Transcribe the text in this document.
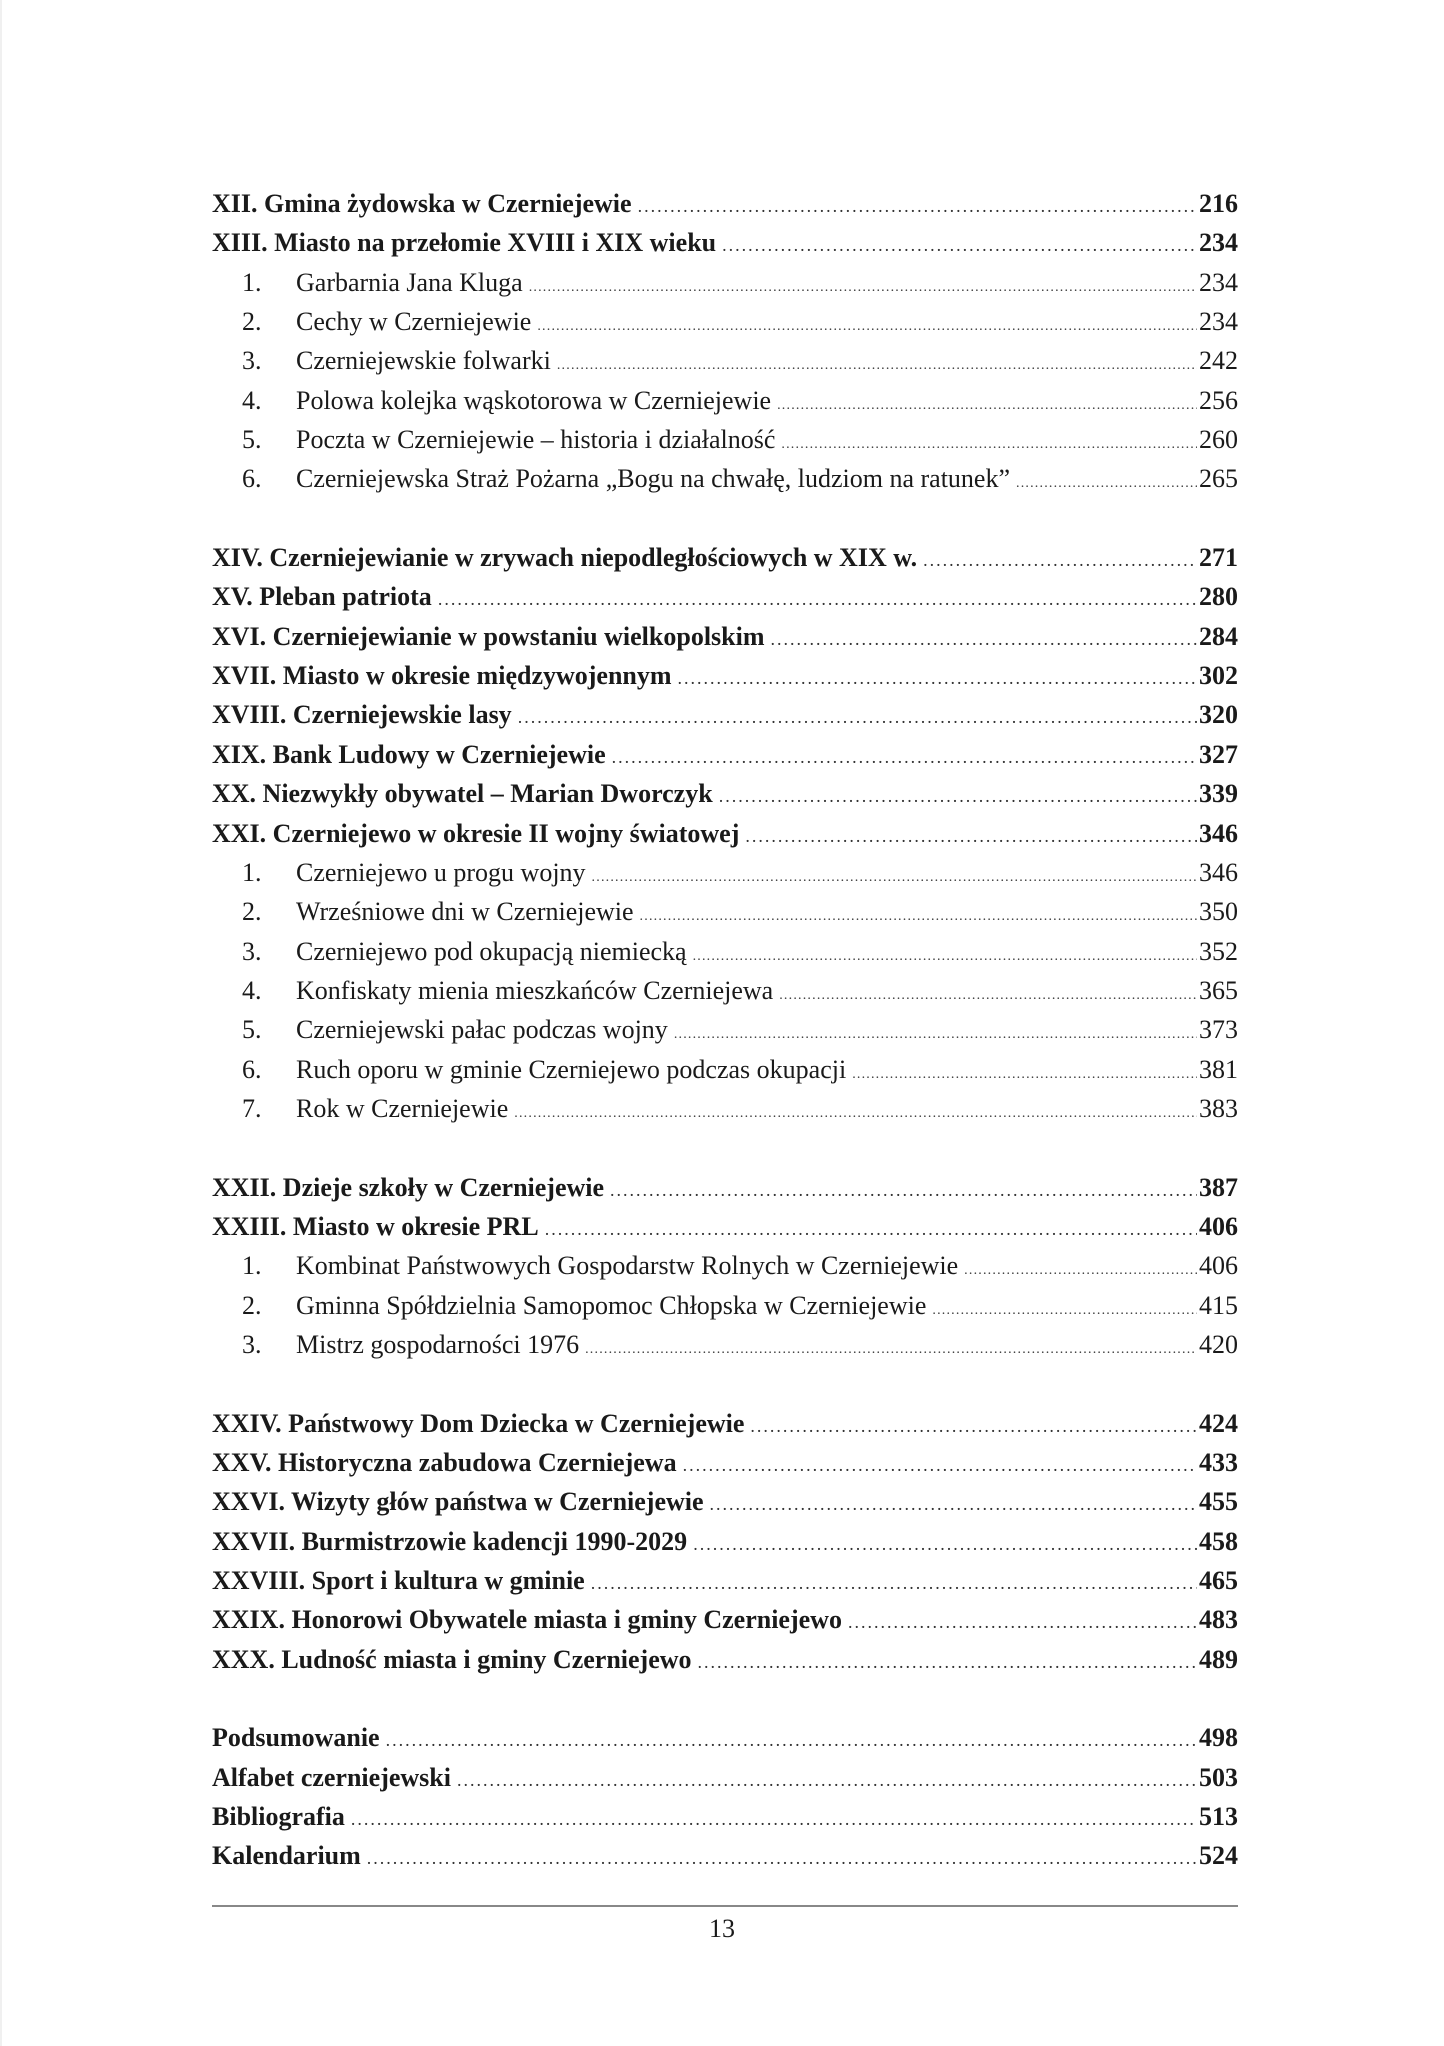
XII. Gmina żydowska w Czerniejewie .....	216
XIII. Miasto na przełomie XVIII i XIX wieku .....	234
1.	Garbarnia Jana Kluga .....	234
2.	Cechy w Czerniejewie .....	234
3.	Czerniejewskie folwarki .....	242
4.	Polowa kolejka wąskotorowa w Czerniejewie .....	256
5.	Poczta w Czerniejewie – historia i działalność .....	260
6.	Czerniejewska Straż Pożarna „Bogu na chwałę, ludziom na ratunek” .....	265
XIV. Czerniejewianie w zrywach niepodległościowych w XIX w. .....	271
XV. Pleban patriota .....	280
XVI. Czerniejewianie w powstaniu wielkopolskim .....	284
XVII. Miasto w okresie międzywojennym .....	302
XVIII. Czerniejewskie lasy .....	320
XIX. Bank Ludowy w Czerniejewie .....	327
XX. Niezwykły obywatel – Marian Dworczyk .....	339
XXI. Czerniejewo w okresie II wojny światowej .....	346
1.	Czerniejewo u progu wojny .....	346
2.	Wrześniowe dni w Czerniejewie .....	350
3.	Czerniejewo pod okupacją niemiecką .....	352
4.	Konfiskaty mienia mieszkańców Czerniejewa .....	365
5.	Czerniejewski pałac podczas wojny .....	373
6.	Ruch oporu w gminie Czerniejewo podczas okupacji .....	381
7.	Rok w Czerniejewie .....	383
XXII. Dzieje szkoły w Czerniejewie .....	387
XXIII. Miasto w okresie PRL .....	406
1.	Kombinat Państwowych Gospodarstw Rolnych w Czerniejewie .....	406
2.	Gminna Spółdzielnia Samopomoc Chłopska w Czerniejewie .....	415
3.	Mistrz gospodarności 1976 .....	420
XXIV. Państwowy Dom Dziecka w Czerniejewie .....	424
XXV. Historyczna zabudowa Czerniejewa .....	433
XXVI. Wizyty głów państwa w Czerniejewie .....	455
XXVII. Burmistrzowie kadencji 1990-2029 .....	458
XXVIII. Sport i kultura w gminie .....	465
XXIX. Honorowi Obywatele miasta i gminy Czerniejewo .....	483
XXX. Ludność miasta i gminy Czerniejewo .....	489
Podsumowanie .....	498
Alfabet czerniejewski .....	503
Bibliografia .....	513
Kalendarium .....	524
13
